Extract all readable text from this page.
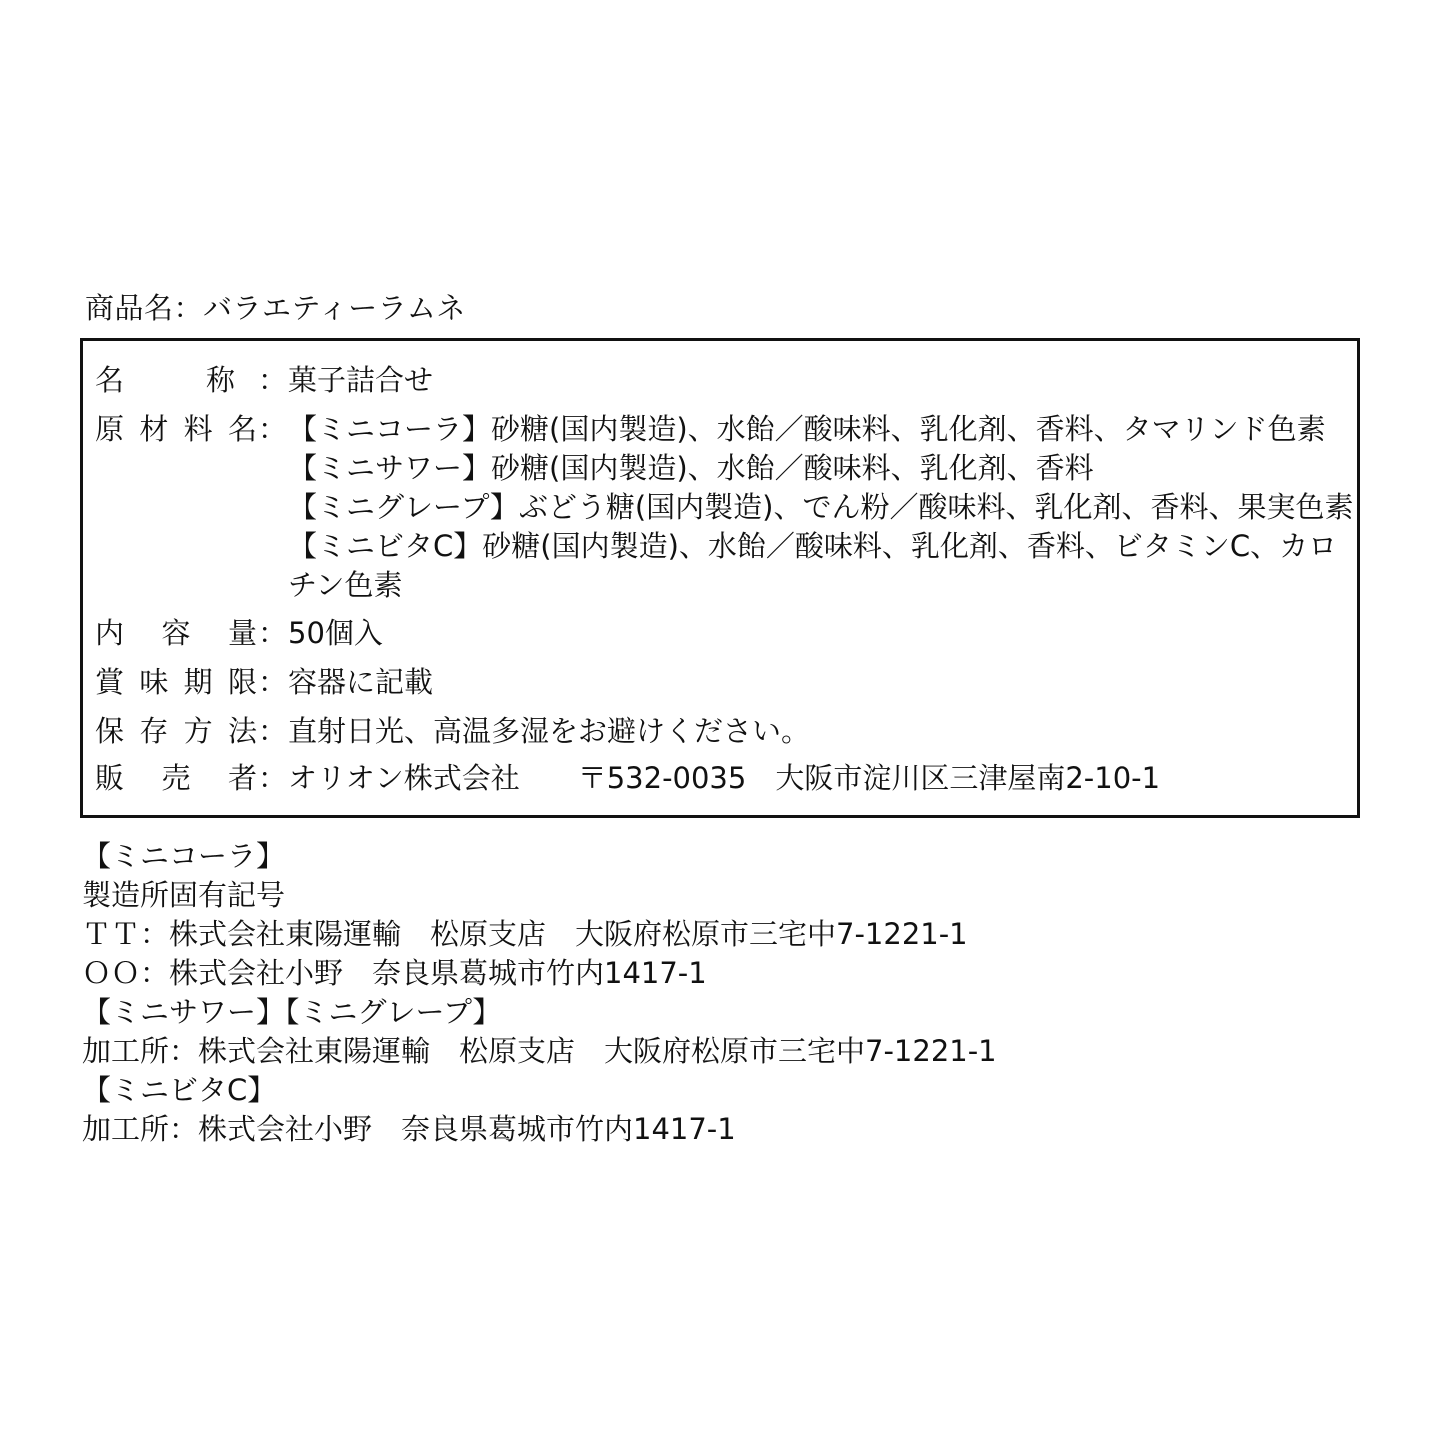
商品名：バラエティーラムネ
名	称 ： 菓子詰合せ
原 材 料 名 ： 【ミニコーラ】砂糖(国内製造)、水飴／酸味料、乳化剤、香料、タマリンド色素
【ミニサワー】砂糖(国内製造)、水飴／酸味料、乳化剤、香料
【ミニグレープ】ぶどう糖(国内製造)、でん粉／酸味料、乳化剤、香料、果実色素
【ミニビタC】砂糖(国内製造)、水飴／酸味料、乳化剤、香料、ビタミンC、カロ
チン色素
内 容 量 ： 50個入
賞 味 期 限 ： 容器に記載
保 存 方 法 ： 直射日光、高温多湿をお避けください。
販 売 者 ： オリオン株式会社　　〒532-0035　大阪市淀川区三津屋南2-10-1
【ミニコーラ】
製造所固有記号
ＴＴ：株式会社東陽運輸　松原支店　大阪府松原市三宅中7-1221-1
ＯＯ：株式会社小野　奈良県葛城市竹内1417-1
【ミニサワー】【ミニグレープ】
加工所：株式会社東陽運輸　松原支店　大阪府松原市三宅中7-1221-1
【ミニビタC】
加工所：株式会社小野　奈良県葛城市竹内1417-1
